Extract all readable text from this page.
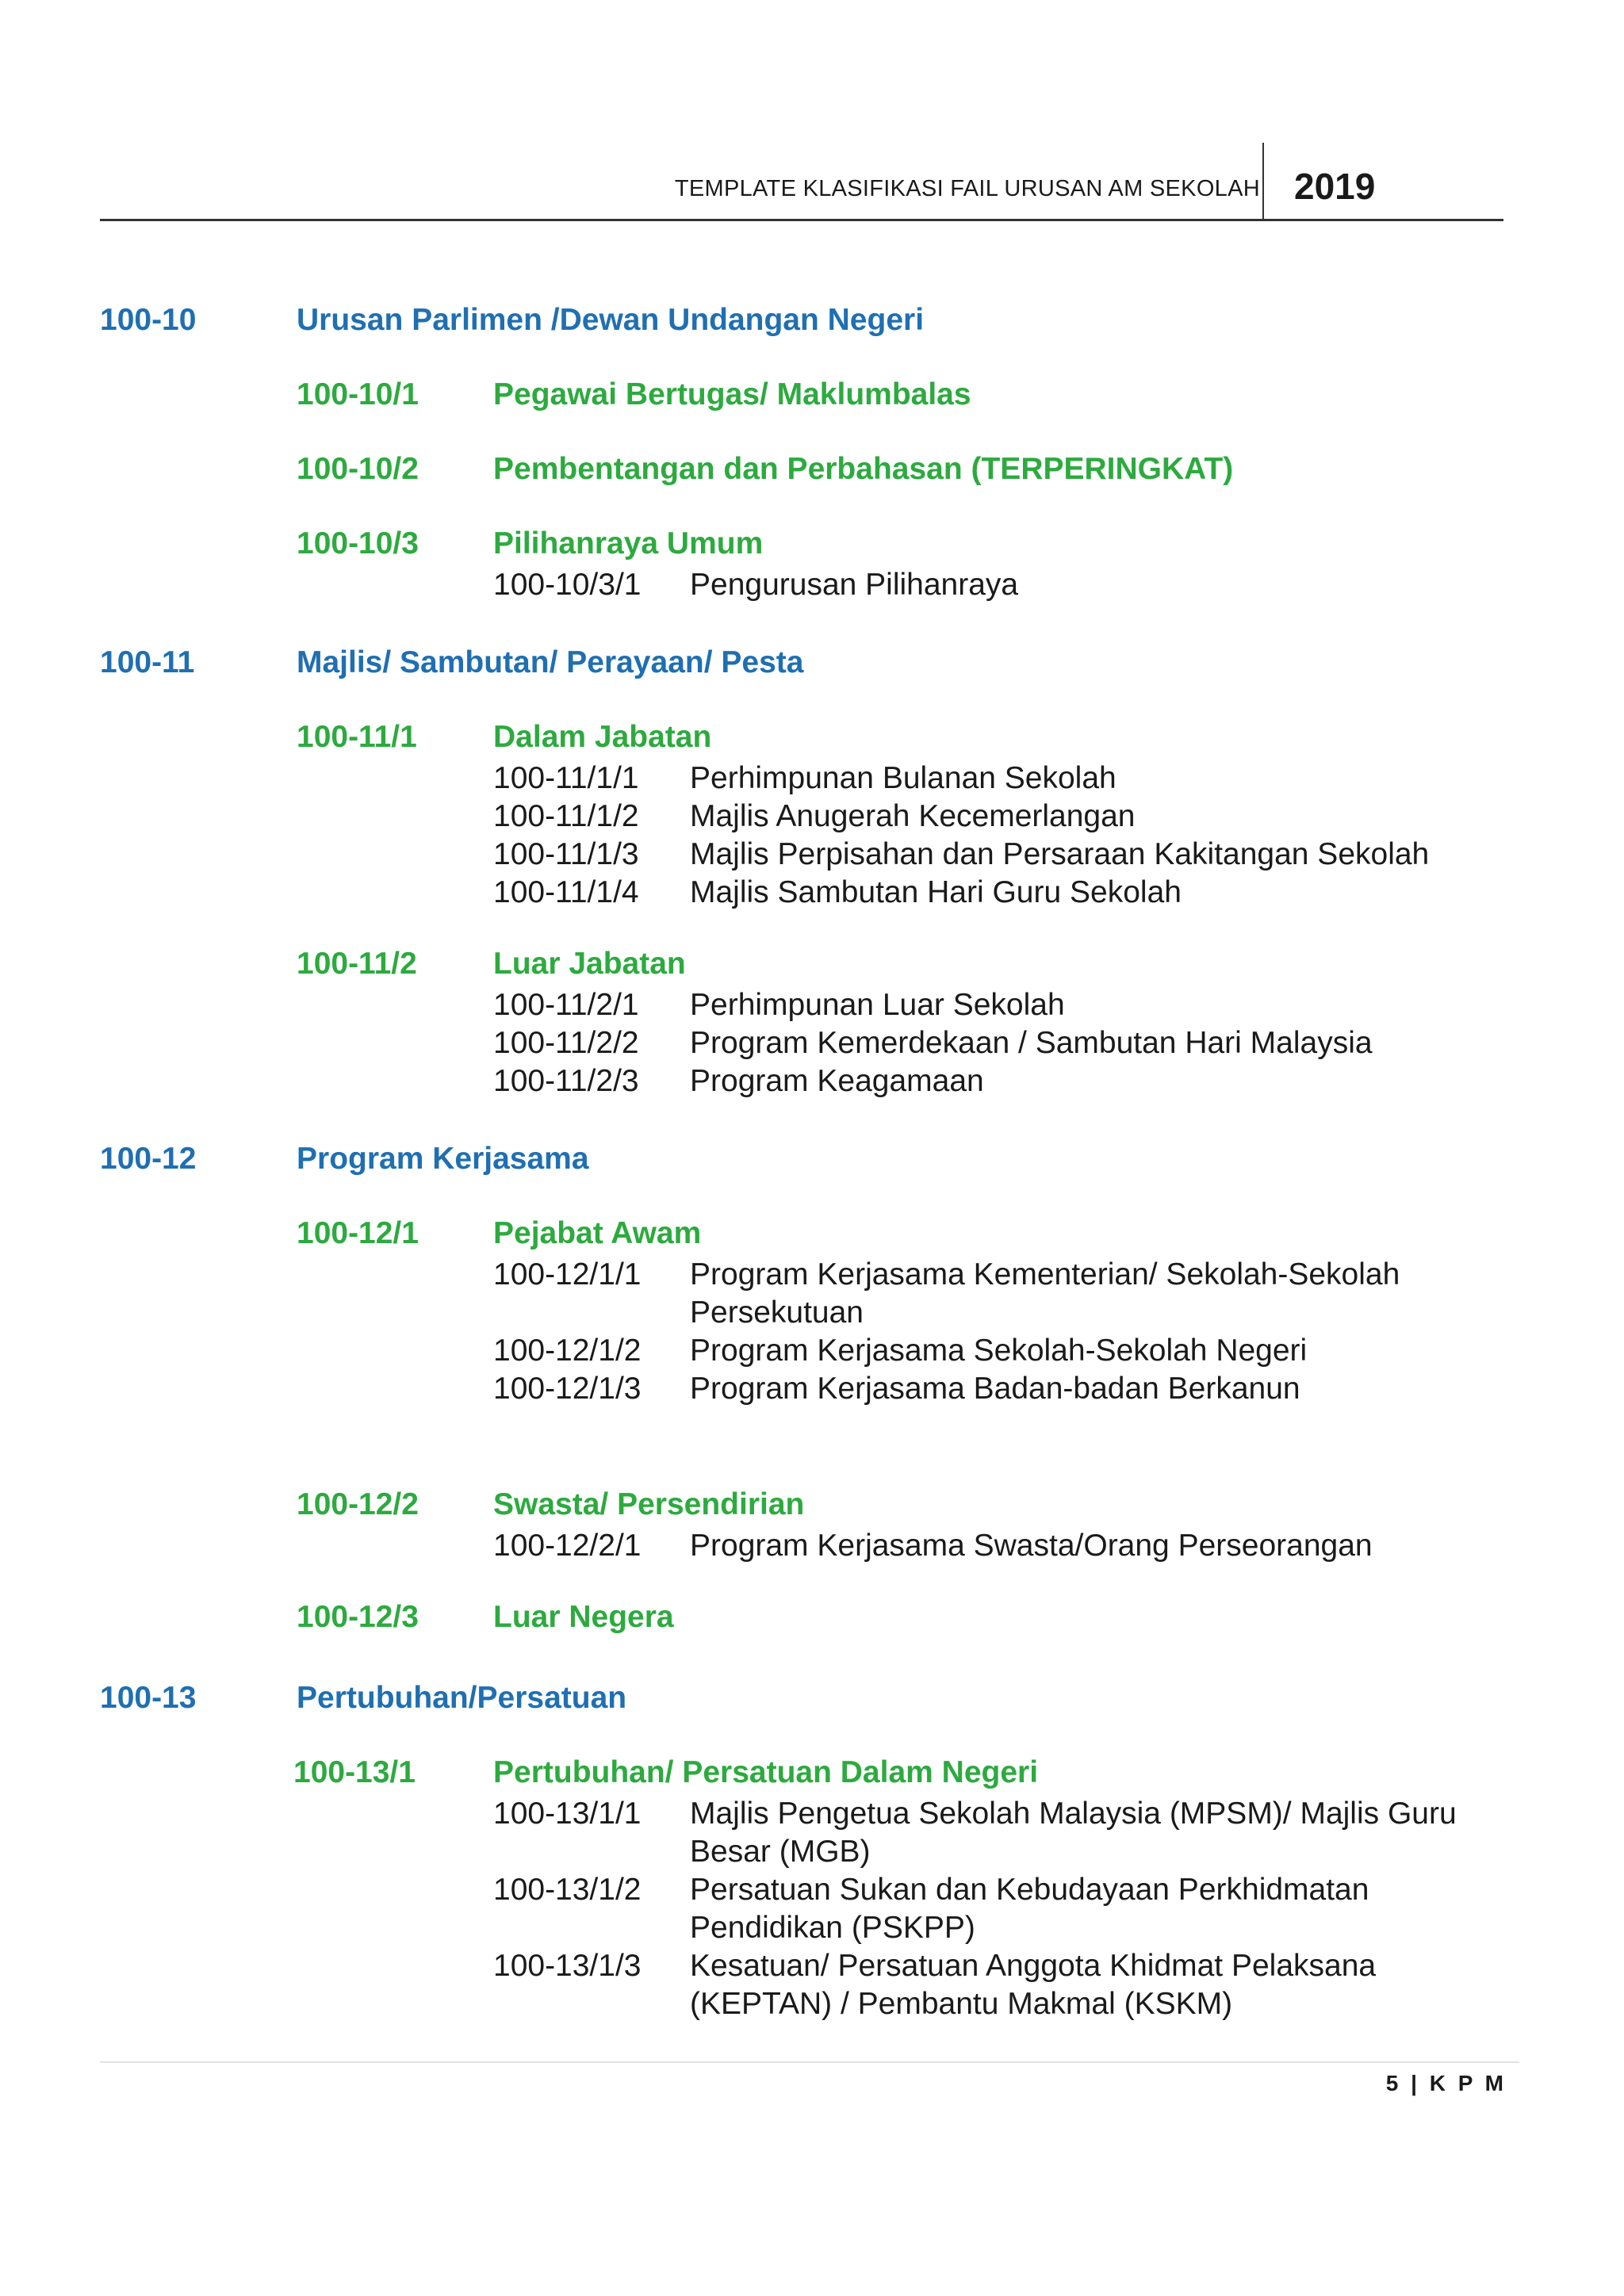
TEMPLATE KLASIFIKASI FAIL URUSAN AM SEKOLAH 2019
100-10	Urusan Parlimen /Dewan Undangan Negeri
100-10/1	Pegawai Bertugas/ Maklumbalas
100-10/2	Pembentangan dan Perbahasan (TERPERINGKAT)
100-10/3	Pilihanraya Umum
100-10/3/1	Pengurusan Pilihanraya
100-11	Majlis/ Sambutan/ Perayaan/ Pesta
100-11/1	Dalam Jabatan
100-11/1/1	Perhimpunan Bulanan Sekolah
100-11/1/2	Majlis Anugerah Kecemerlangan
100-11/1/3	Majlis Perpisahan dan Persaraan Kakitangan Sekolah
100-11/1/4	Majlis Sambutan Hari Guru Sekolah
100-11/2	Luar Jabatan
100-11/2/1	Perhimpunan Luar Sekolah
100-11/2/2	Program Kemerdekaan / Sambutan Hari Malaysia
100-11/2/3	Program Keagamaan
100-12	Program Kerjasama
100-12/1	Pejabat Awam
100-12/1/1	Program Kerjasama Kementerian/ Sekolah-Sekolah Persekutuan
100-12/1/2	Program Kerjasama Sekolah-Sekolah Negeri
100-12/1/3	Program Kerjasama Badan-badan Berkanun
100-12/2	Swasta/ Persendirian
100-12/2/1	Program Kerjasama Swasta/Orang Perseorangan
100-12/3	Luar Negera
100-13	Pertubuhan/Persatuan
100-13/1	Pertubuhan/ Persatuan Dalam Negeri
100-13/1/1	Majlis Pengetua Sekolah Malaysia (MPSM)/ Majlis Guru Besar (MGB)
100-13/1/2	Persatuan Sukan dan Kebudayaan Perkhidmatan Pendidikan (PSKPP)
100-13/1/3	Kesatuan/ Persatuan Anggota Khidmat Pelaksana (KEPTAN) / Pembantu Makmal (KSKM)
5 | K P M
